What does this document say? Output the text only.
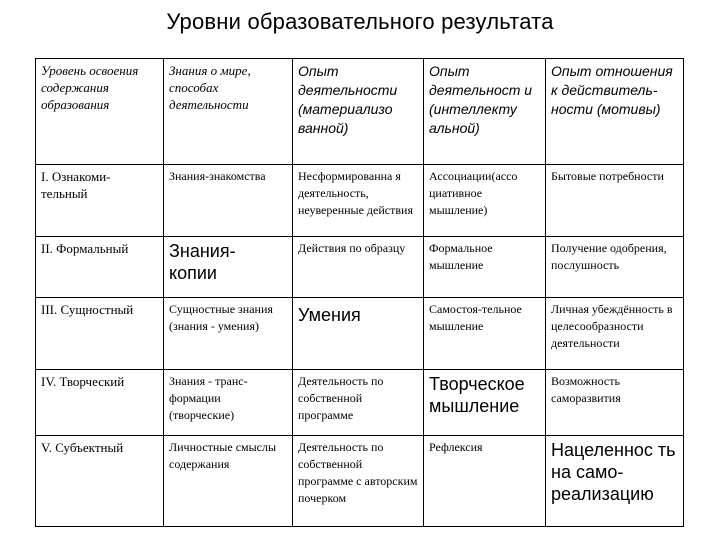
Уровни образовательного результата
Уровень освоения содержания образования	Знания о мире, способах деятельности	Опыт деятельности (материализо ванной)	Опыт деятельност и (интеллекту альной)	Опыт отношения к действитель- ности (мотивы)
I. Ознакоми- тельный	Знания-знакомства	Несформированна я деятельность, неуверенные действия	Ассоциации(ассо циативное мышление)	Бытовые потребности
II. Формальный	Знания- копии	Действия по образцу	Формальное мышление	Получение одобрения, послушность
III. Сущностный	Сущностные знания (знания - умения)	Умения	Самостоя-тельное мышление	Личная убеждённость в целесообразности деятельности
IV. Творческий	Знания - транс- формации (творческие)	Деятельность по собственной программе	Творческое мышление	Возможность саморазвития
V. Субъектный	Личностные смыслы содержания	Деятельность по собственной программе с авторским почерком	Рефлексия	Нацеленнос ть на само- реализацию
